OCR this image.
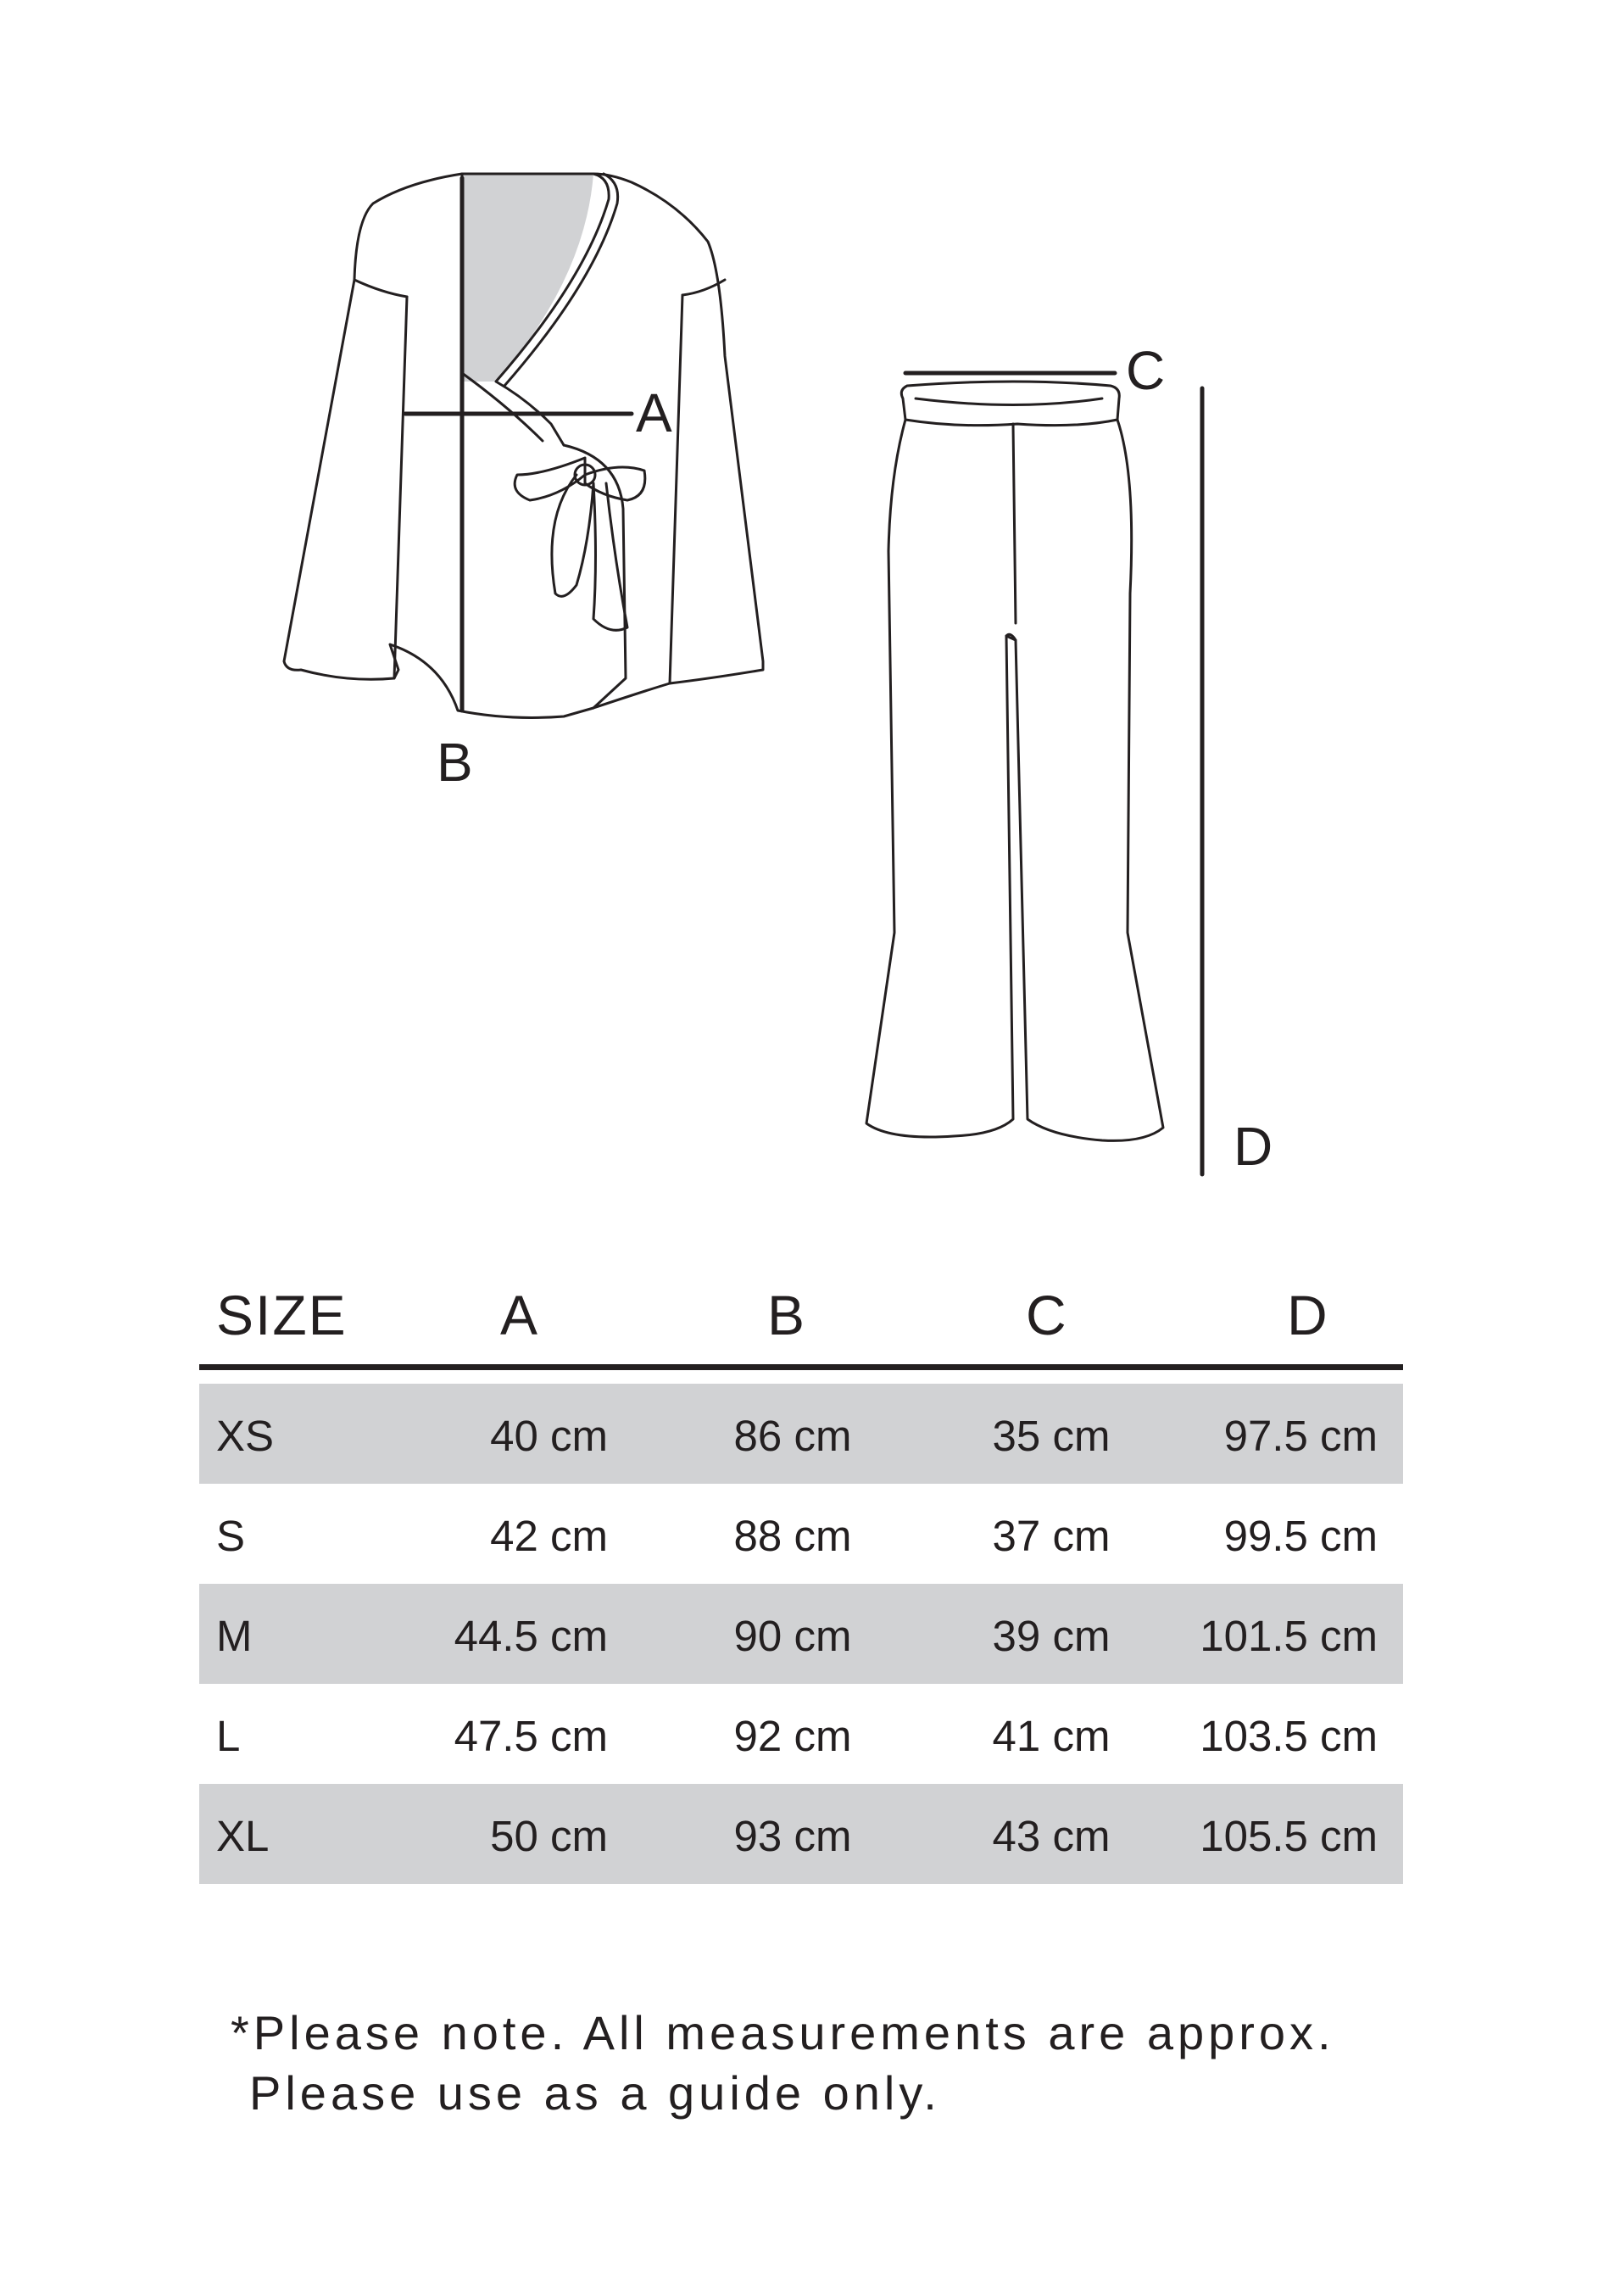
A
B
C
D
SIZE	A	B	C	D
XS	40 cm	86 cm	35 cm	97.5 cm
S	42 cm	88 cm	37 cm	99.5 cm
M	44.5 cm	90 cm	39 cm 101.5 cm
L	47.5 cm	92 cm	41 cm 103.5 cm
XL	50 cm	93 cm	43 cm 105.5 cm
*Please note. All measurements are approx.
Please use as a guide only.
